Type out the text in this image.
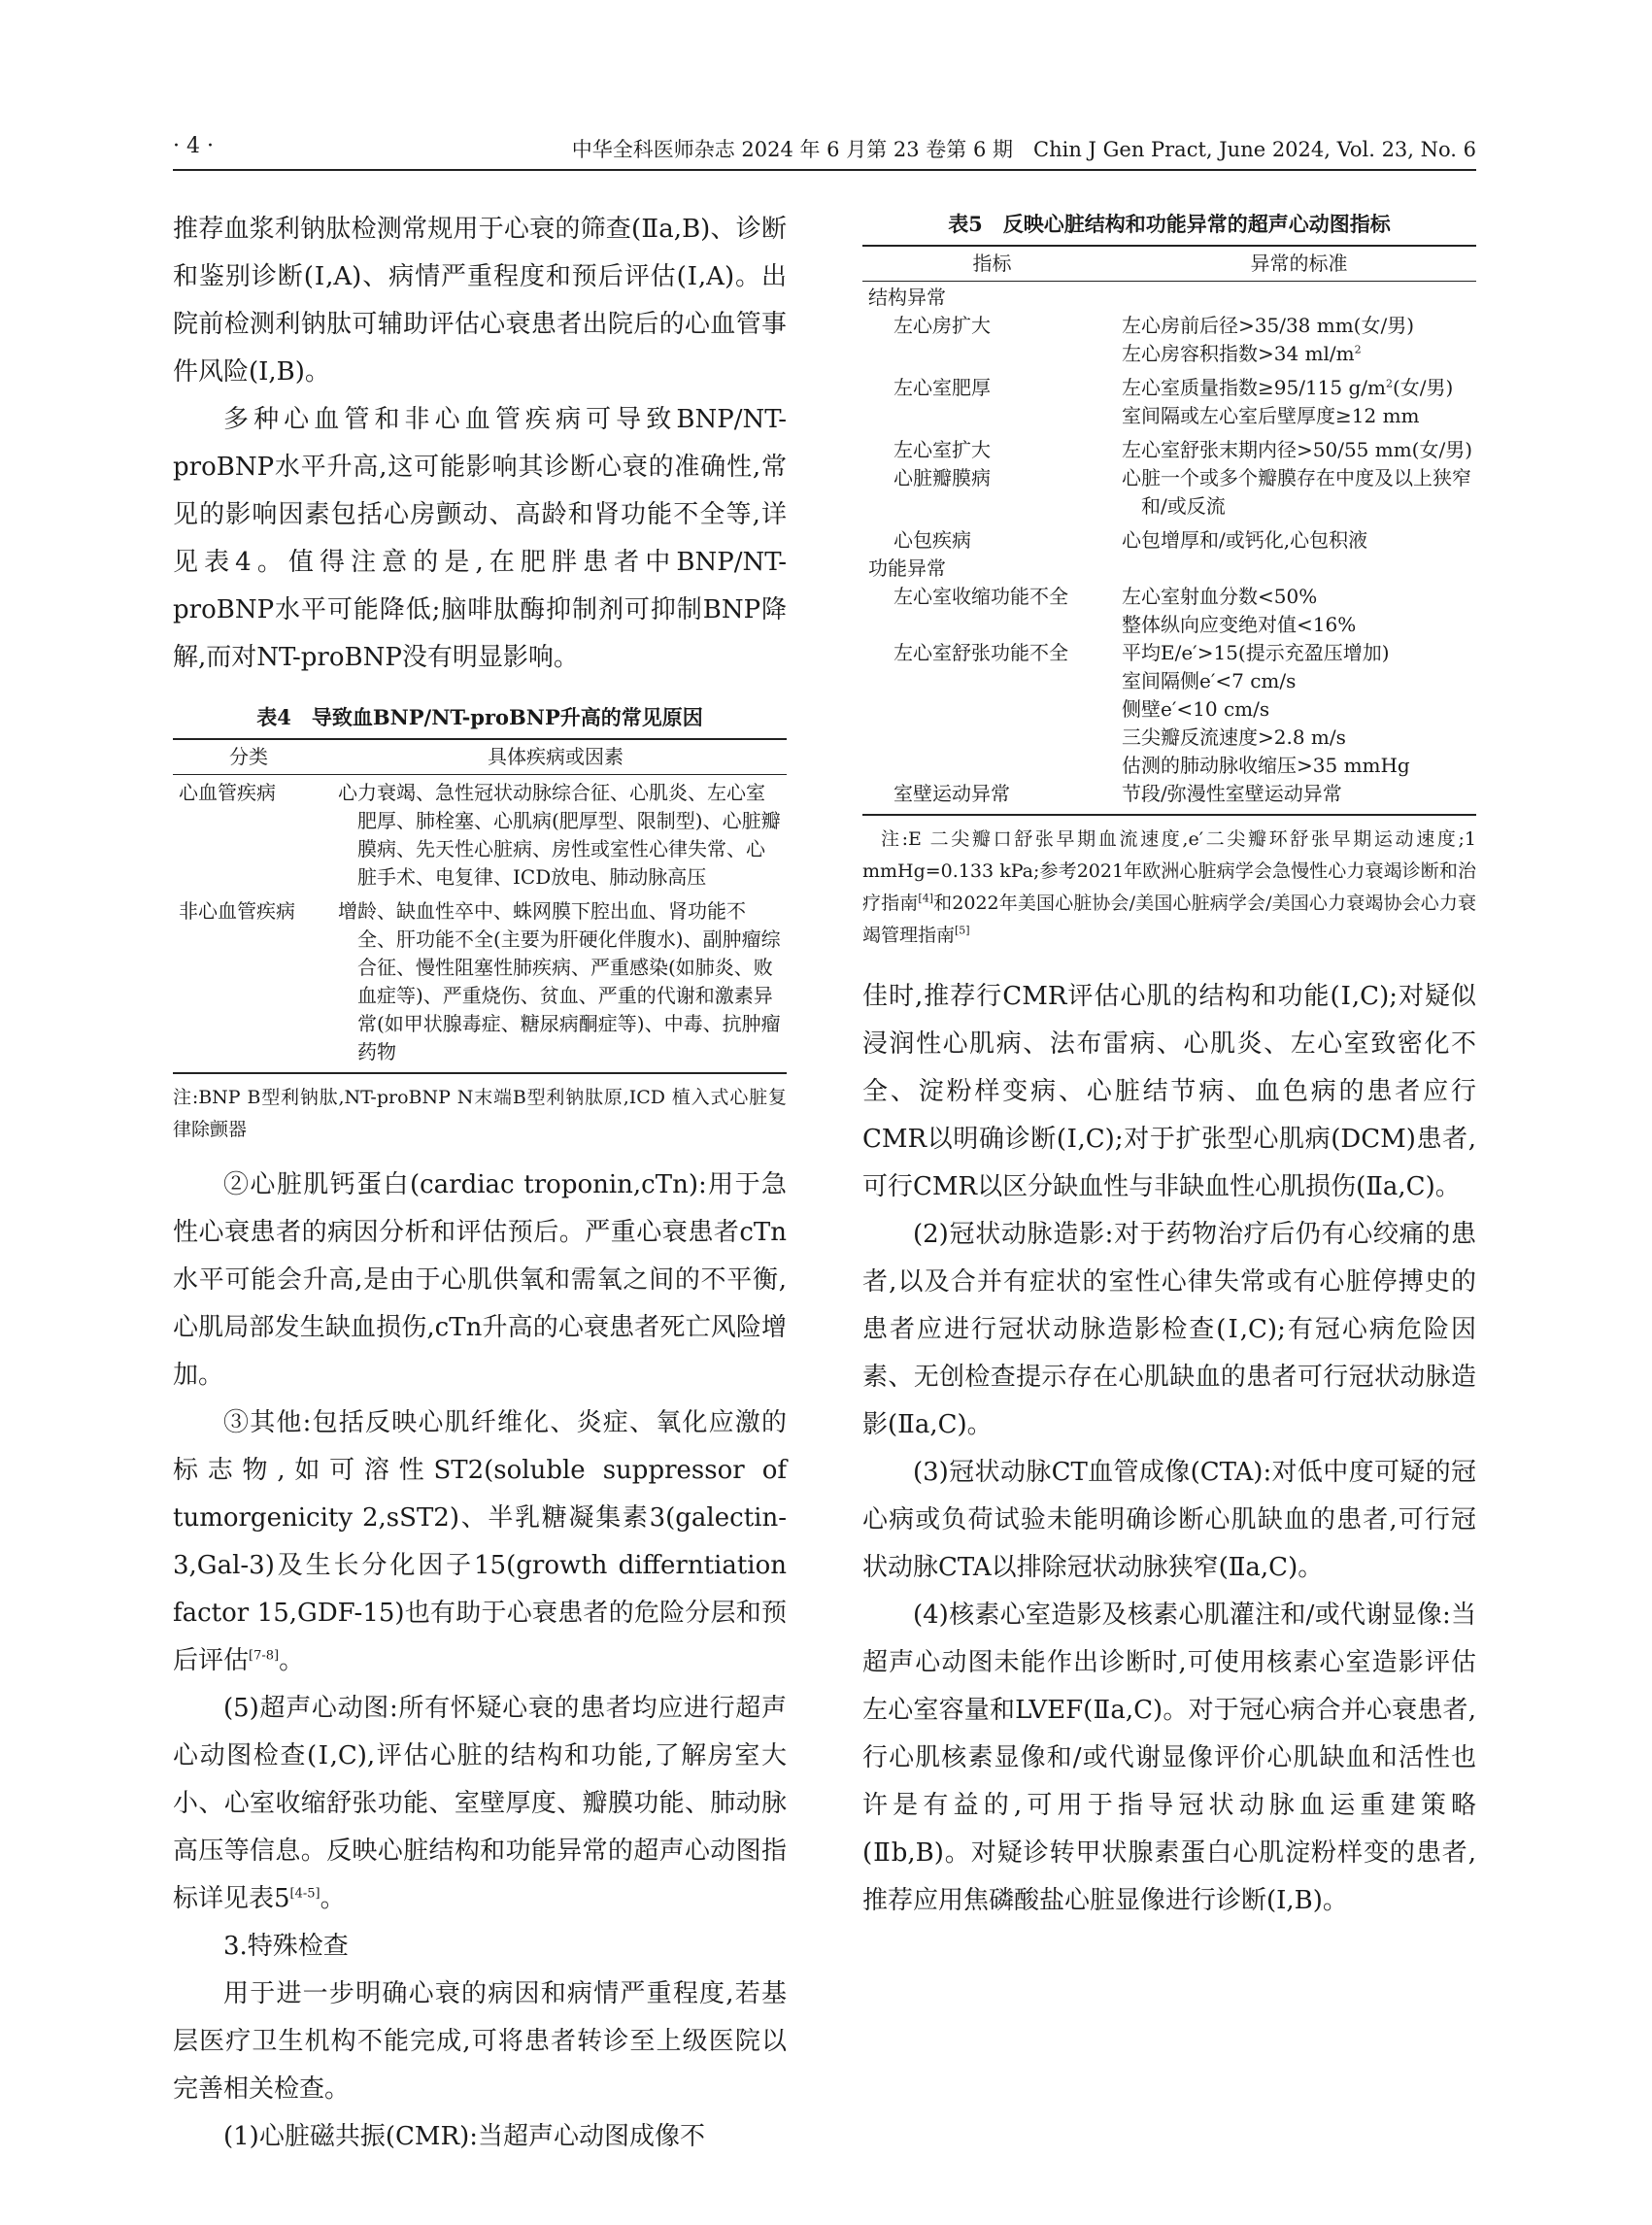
· 4 ·	中华全科医师杂志 2024 年 6 月第 23 卷第 6 期　Chin J Gen Pract, June 2024, Vol. 23, No. 6

推荐血浆利钠肽检测常规用于心衰的筛查(Ⅱa,B)、诊断和鉴别诊断(Ⅰ,A)、病情严重程度和预后评估(Ⅰ,A)。出院前检测利钠肽可辅助评估心衰患者出院后的心血管事件风险(Ⅰ,B)。

多种心血管和非心血管疾病可导致BNP/NT-proBNP水平升高,这可能影响其诊断心衰的准确性,常见的影响因素包括心房颤动、高龄和肾功能不全等,详见表4。值得注意的是,在肥胖患者中BNP/NT-proBNP水平可能降低;脑啡肽酶抑制剂可抑制BNP降解,而对NT-proBNP没有明显影响。

表4　导致血BNP/NT-proBNP升高的常见原因

分类	具体疾病或因素
心血管疾病	心力衰竭、急性冠状动脉综合征、心肌炎、左心室肥厚、肺栓塞、心肌病(肥厚型、限制型)、心脏瓣膜病、先天性心脏病、房性或室性心律失常、心脏手术、电复律、ICD放电、肺动脉高压

非心血管疾病	增龄、缺血性卒中、蛛网膜下腔出血、肾功能不全、肝功能不全(主要为肝硬化伴腹水)、副肿瘤综合征、慢性阻塞性肺疾病、严重感染(如肺炎、败血症等)、严重烧伤、贫血、严重的代谢和激素异常(如甲状腺毒症、糖尿病酮症等)、中毒、抗肿瘤药物

注:BNP B型利钠肽,NT-proBNP N末端B型利钠肽原,ICD 植入式心脏复律除颤器

②心脏肌钙蛋白(cardiac troponin,cTn):用于急性心衰患者的病因分析和评估预后。严重心衰患者cTn水平可能会升高,是由于心肌供氧和需氧之间的不平衡,心肌局部发生缺血损伤,cTn升高的心衰患者死亡风险增加。

③其他:包括反映心肌纤维化、炎症、氧化应激的标志物,如可溶性ST2(soluble suppressor of tumorgenicity 2,sST2)、半乳糖凝集素3(galectin-3,Gal-3)及生长分化因子15(growth differntiation factor 15,GDF-15)也有助于心衰患者的危险分层和预后评估[7-8]。

(5)超声心动图:所有怀疑心衰的患者均应进行超声心动图检查(Ⅰ,C),评估心脏的结构和功能,了解房室大小、心室收缩舒张功能、室壁厚度、瓣膜功能、肺动脉高压等信息。反映心脏结构和功能异常的超声心动图指标详见表5[4-5]。

3.特殊检查

用于进一步明确心衰的病因和病情严重程度,若基层医疗卫生机构不能完成,可将患者转诊至上级医院以完善相关检查。

(1)心脏磁共振(CMR):当超声心动图成像不

表5　反映心脏结构和功能异常的超声心动图指标

指标	异常的标准
结构异常	
左心房扩大	左心房前后径>35/38 mm(女/男)
左心房容积指数>34 $ml/m^2$

左心室肥厚	左心室质量指数≥95/115 $g/m^2$(女/男)
室间隔或左心室后壁厚度≥12 mm

左心室扩大	左心室舒张末期内径>50/55 mm(女/男)
心脏瓣膜病	心脏一个或多个瓣膜存在中度及以上狭窄和/或反流

心包疾病	心包增厚和/或钙化,心包积液
功能异常	
左心室收缩功能不全	左心室射血分数<50%
整体纵向应变绝对值<16%

左心室舒张功能不全	平均E/e′>15(提示充盈压增加)
室间隔侧e′<7 cm/s
侧壁e′<10 cm/s
三尖瓣反流速度>2.8 m/s
估测的肺动脉收缩压>35 mmHg

室壁运动异常	节段/弥漫性室壁运动异常

注:E 二尖瓣口舒张早期血流速度,e′二尖瓣环舒张早期运动速度;1 mmHg=0.133 kPa;参考2021年欧洲心脏病学会急慢性心力衰竭诊断和治疗指南[4]和2022年美国心脏协会/美国心脏病学会/美国心力衰竭协会心力衰竭管理指南[5]

佳时,推荐行CMR评估心肌的结构和功能(Ⅰ,C);对疑似浸润性心肌病、法布雷病、心肌炎、左心室致密化不全、淀粉样变病、心脏结节病、血色病的患者应行CMR以明确诊断(Ⅰ,C);对于扩张型心肌病(DCM)患者,可行CMR以区分缺血性与非缺血性心肌损伤(Ⅱa,C)。

(2)冠状动脉造影:对于药物治疗后仍有心绞痛的患者,以及合并有症状的室性心律失常或有心脏停搏史的患者应进行冠状动脉造影检查(Ⅰ,C);有冠心病危险因素、无创检查提示存在心肌缺血的患者可行冠状动脉造影(Ⅱa,C)。

(3)冠状动脉CT血管成像(CTA):对低中度可疑的冠心病或负荷试验未能明确诊断心肌缺血的患者,可行冠状动脉CTA以排除冠状动脉狭窄(Ⅱa,C)。

(4)核素心室造影及核素心肌灌注和/或代谢显像:当超声心动图未能作出诊断时,可使用核素心室造影评估左心室容量和LVEF(Ⅱa,C)。对于冠心病合并心衰患者,行心肌核素显像和/或代谢显像评价心肌缺血和活性也许是有益的,可用于指导冠状动脉血运重建策略(Ⅱb,B)。对疑诊转甲状腺素蛋白心肌淀粉样变的患者,推荐应用焦磷酸盐心脏显像进行诊断(Ⅰ,B)。
